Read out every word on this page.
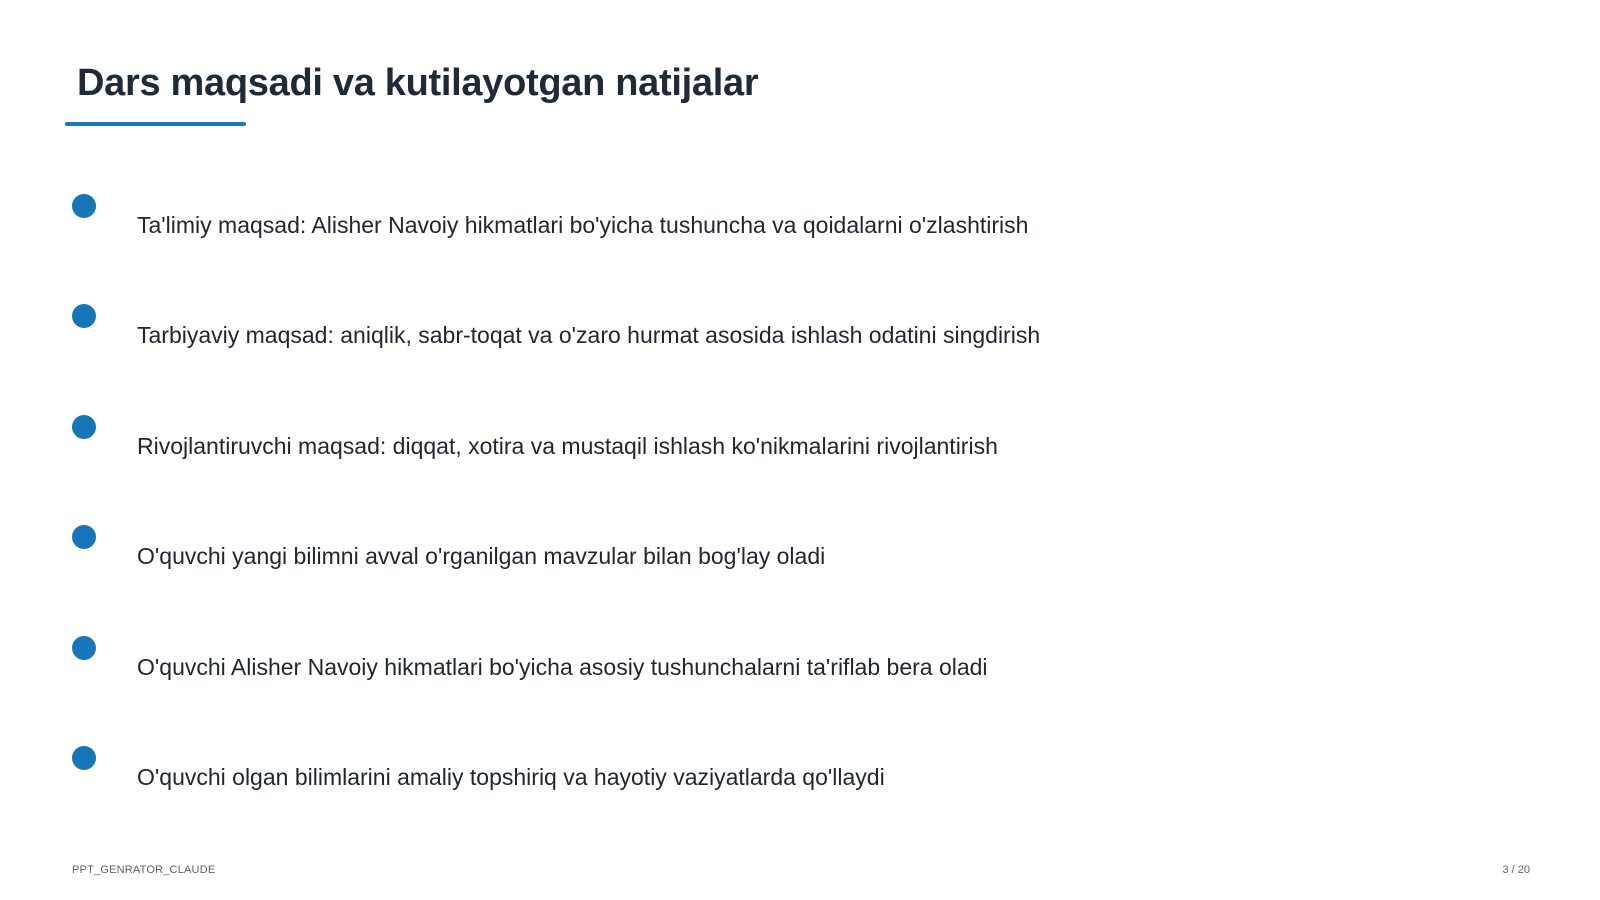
Dars maqsadi va kutilayotgan natijalar
Ta'limiy maqsad: Alisher Navoiy hikmatlari bo'yicha tushuncha va qoidalarni o'zlashtirish
Tarbiyaviy maqsad: aniqlik, sabr-toqat va o'zaro hurmat asosida ishlash odatini singdirish
Rivojlantiruvchi maqsad: diqqat, xotira va mustaqil ishlash ko'nikmalarini rivojlantirish
O'quvchi yangi bilimni avval o'rganilgan mavzular bilan bog'lay oladi
O'quvchi Alisher Navoiy hikmatlari bo'yicha asosiy tushunchalarni ta'riflab bera oladi
O'quvchi olgan bilimlarini amaliy topshiriq va hayotiy vaziyatlarda qo'llaydi
PPT_GENRATOR_CLAUDE	3 / 20
